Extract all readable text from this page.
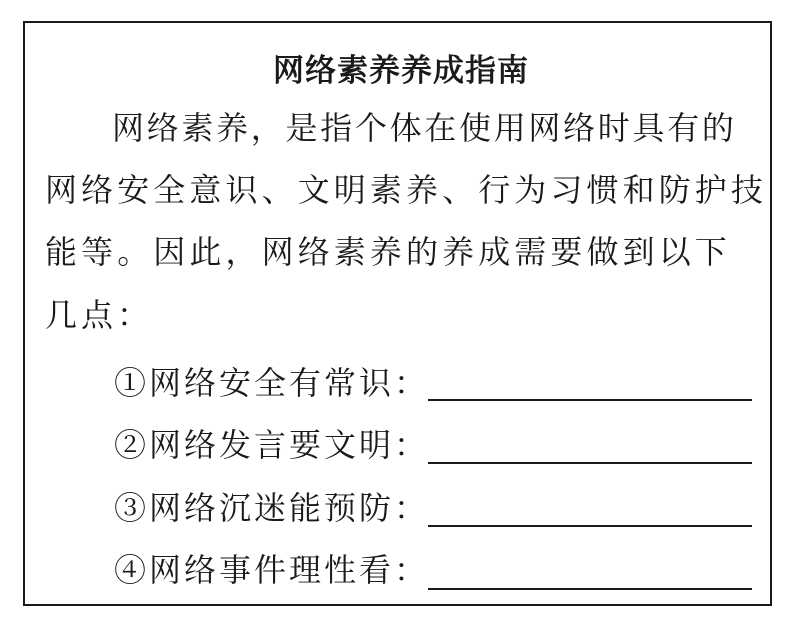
网络素养养成指南
网络素养，是指个体在使用网络时具有的
网络安全意识、文明素养、行为习惯和防护技
能等。因此，网络素养的养成需要做到以下
几点：
①网络安全有常识：
②网络发言要文明：
③网络沉迷能预防：
④网络事件理性看：
